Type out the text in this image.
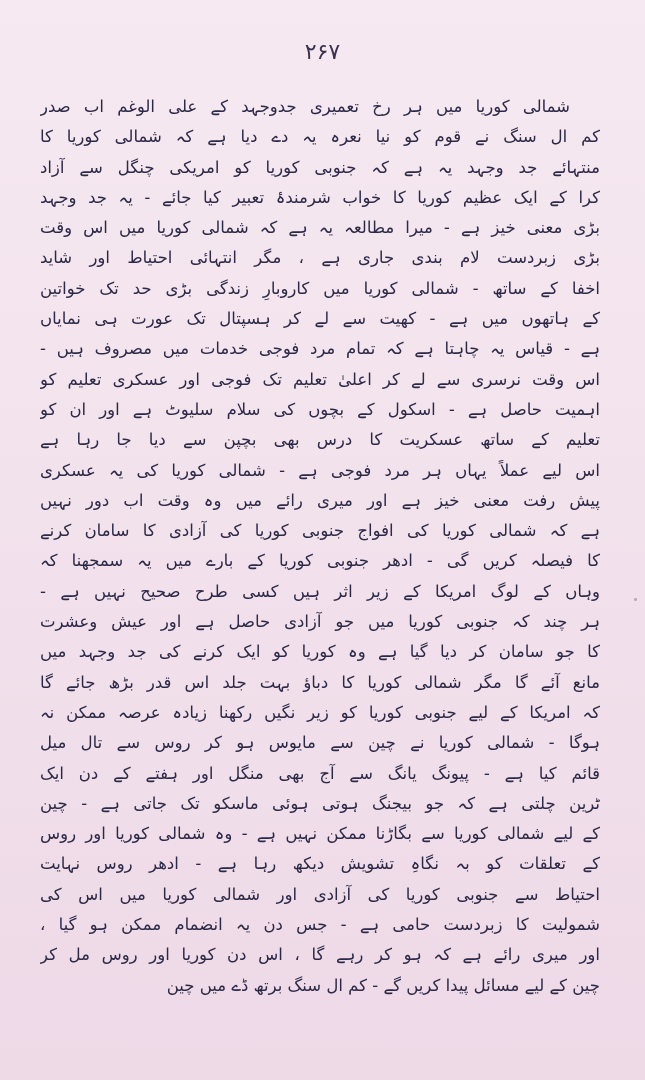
۲۶۷
شمالی کوریا میں ہر رخ تعمیری جدوجہد کے علی الوغم اب صدر
کم ال سنگ نے قوم کو نیا نعرہ یہ دے دیا ہے کہ شمالی کوریا کا
منتہائے جد وجہد یہ ہے کہ جنوبی کوریا کو امریکی چنگل سے آزاد
کرا کے ایک عظیم کوریا کا خواب شرمندۂ تعبیر کیا جائے - یہ جد وجہد
بڑی معنی خیز ہے - میرا مطالعہ یہ ہے کہ شمالی کوریا میں اس وقت
بڑی زبردست لام بندی جاری ہے ، مگر انتہائی احتیاط اور شاید
اخفا کے ساتھ - شمالی کوریا میں کاروبارِ زندگی بڑی حد تک خواتین
کے ہاتھوں میں ہے - کھیت سے لے کر ہسپتال تک عورت ہی نمایاں
ہے - قیاس یہ چاہتا ہے کہ تمام مرد فوجی خدمات میں مصروف ہیں -
اس وقت نرسری سے لے کر اعلیٰ تعلیم تک فوجی اور عسکری تعلیم کو
اہمیت حاصل ہے - اسکول کے بچوں کی سلام سلیوٹ ہے اور ان کو
تعلیم کے ساتھ عسکریت کا درس بھی بچپن سے دیا جا رہا ہے
اس لیے عملاً یہاں ہر مرد فوجی ہے - شمالی کوریا کی یہ عسکری
پیش رفت معنی خیز ہے اور میری رائے میں وہ وقت اب دور نہیں
ہے کہ شمالی کوریا کی افواج جنوبی کوریا کی آزادی کا سامان کرنے
کا فیصلہ کریں گی - ادھر جنوبی کوریا کے بارے میں یہ سمجھنا کہ
وہاں کے لوگ امریکا کے زیر اثر ہیں کسی طرح صحیح نہیں ہے -
ہر چند کہ جنوبی کوریا میں جو آزادی حاصل ہے اور عیش وعشرت
کا جو سامان کر دیا گیا ہے وہ کوریا کو ایک کرنے کی جد وجہد میں
مانع آئے گا مگر شمالی کوریا کا دباؤ بہت جلد اس قدر بڑھ جائے گا
کہ امریکا کے لیے جنوبی کوریا کو زیر نگیں رکھنا زیادہ عرصہ ممکن نہ
ہوگا - شمالی کوریا نے چین سے مایوس ہو کر روس سے تال میل
قائم کیا ہے - پیونگ یانگ سے آج بھی منگل اور ہفتے کے دن ایک
ٹرین چلتی ہے کہ جو بیجنگ ہوتی ہوئی ماسکو تک جاتی ہے - چین
کے لیے شمالی کوریا سے بگاڑنا ممکن نہیں ہے - وہ شمالی کوریا اور روس
کے تعلقات کو بہ نگاہِ تشویش دیکھ رہا ہے - ادھر روس نہایت
احتیاط سے جنوبی کوریا کی آزادی اور شمالی کوریا میں اس کی
شمولیت کا زبردست حامی ہے - جس دن یہ انضمام ممکن ہو گیا ،
اور میری رائے ہے کہ ہو کر رہے گا ، اس دن کوریا اور روس مل کر
چین کے لیے مسائل پیدا کریں گے - کم ال سنگ برتھ ڈے میں چین
